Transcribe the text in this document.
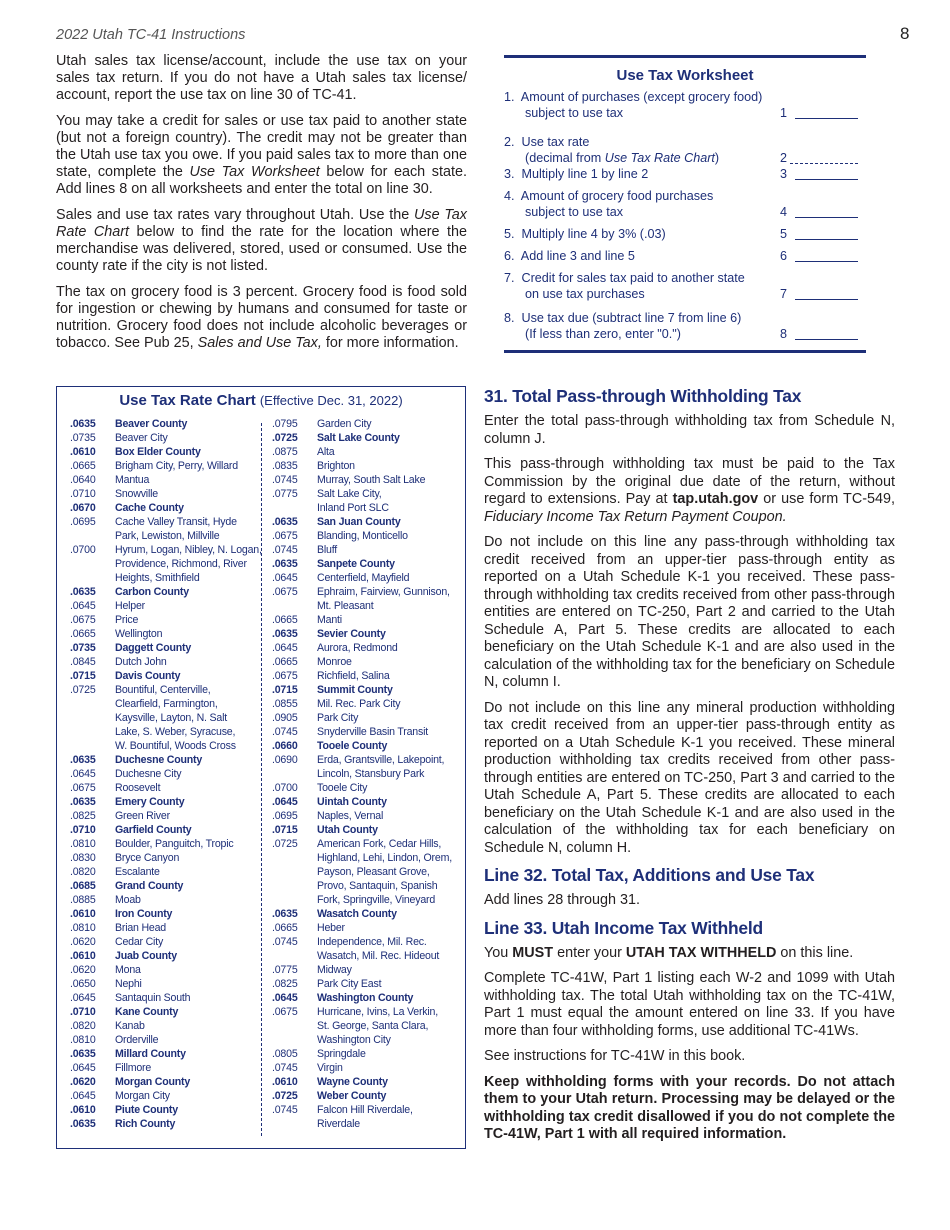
2022 Utah TC-41 Instructions	8

Utah sales tax license/account, include the use tax on your sales tax return. If you do not have a Utah sales tax license/ account, report the use tax on line 30 of TC-41.

You may take a credit for sales or use tax paid to another state (but not a foreign country). The credit may not be greater than the Utah use tax you owe. If you paid sales tax to more than one state, complete the Use Tax Worksheet below for each state. Add lines 8 on all worksheets and enter the total on line 30.

Sales and use tax rates vary throughout Utah. Use the Use Tax Rate Chart below to find the rate for the location where the merchandise was delivered, stored, used or consumed. Use the county rate if the city is not listed.

The tax on grocery food is 3 percent. Grocery food is food sold for ingestion or chewing by humans and consumed for taste or nutrition. Grocery food does not include alcoholic beverages or tobacco. See Pub 25, Sales and Use Tax, for more information.

Use Tax Rate Chart (Effective Dec. 31, 2022)
.0635	Beaver County
.0735	Beaver City
.0610	Box Elder County
.0665	Brigham City, Perry, Willard
.0640	Mantua
.0710	Snowville
.0670	Cache County
.0695	Cache Valley Transit, Hyde
Park, Lewiston, Millville
.0700	Hyrum, Logan, Nibley, N. Logan,
Providence, Richmond, River
Heights, Smithfield
.0635	Carbon County
.0645	Helper
.0675	Price
.0665	Wellington
.0735	Daggett County
.0845	Dutch John
.0715	Davis County
.0725	Bountiful, Centerville,
Clearfield, Farmington,
Kaysville, Layton, N. Salt
Lake, S. Weber, Syracuse,
W. Bountiful, Woods Cross
.0635	Duchesne County
.0645	Duchesne City
.0675	Roosevelt
.0635	Emery County
.0825	Green River
.0710	Garfield County
.0810	Boulder, Panguitch, Tropic
.0830	Bryce Canyon
.0820	Escalante
.0685	Grand County
.0885	Moab
.0610	Iron County
.0810	Brian Head
.0620	Cedar City
.0610	Juab County
.0620	Mona
.0650	Nephi
.0645	Santaquin South
.0710	Kane County
.0820	Kanab
.0810	Orderville
.0635	Millard County
.0645	Fillmore
.0620	Morgan County
.0645	Morgan City
.0610	Piute County
.0635	Rich County
.0795	Garden City
.0725	Salt Lake County
.0875	Alta
.0835	Brighton
.0745	Murray, South Salt Lake
.0775	Salt Lake City,
Inland Port SLC
.0635	San Juan County
.0675	Blanding, Monticello
.0745	Bluff
.0635	Sanpete County
.0645	Centerfield, Mayfield
.0675	Ephraim, Fairview, Gunnison,
Mt. Pleasant
.0665	Manti
.0635	Sevier County
.0645	Aurora, Redmond
.0665	Monroe
.0675	Richfield, Salina
.0715	Summit County
.0855	Mil. Rec. Park City
.0905	Park City
.0745	Snyderville Basin Transit
.0660	Tooele County
.0690	Erda, Grantsville, Lakepoint,
Lincoln, Stansbury Park
.0700	Tooele City
.0645	Uintah County
.0695	Naples, Vernal
.0715	Utah County
.0725	American Fork, Cedar Hills,
Highland, Lehi, Lindon, Orem,
Payson, Pleasant Grove,
Provo, Santaquin, Spanish
Fork, Springville, Vineyard
.0635	Wasatch County
.0665	Heber
.0745	Independence, Mil. Rec.
Wasatch, Mil. Rec. Hideout
.0775	Midway
.0825	Park City East
.0645	Washington County
.0675	Hurricane, Ivins, La Verkin,
St. George, Santa Clara,
Washington City
.0805	Springdale
.0745	Virgin
.0610	Wayne County
.0725	Weber County
.0745	Falcon Hill Riverdale,
Riverdale
Use Tax Worksheet
1.  Amount of purchases (except grocery food)
subject to use tax	1
2.  Use tax rate
(decimal from Use Tax Rate Chart)	2
3.  Multiply line 1 by line 2	3
4.  Amount of grocery food purchases
subject to use tax	4
5.  Multiply line 4 by 3% (.03)	5
6.  Add line 3 and line 5	6
7.  Credit for sales tax paid to another state
on use tax purchases	7
8.  Use tax due (subtract line 7 from line 6)
(If less than zero, enter "0.")	8
31. Total Pass-through Withholding Tax

Enter the total pass-through withholding tax from Schedule N, column J.

This pass-through withholding tax must be paid to the Tax Commission by the original due date of the return, without regard to extensions. Pay at tap.utah.gov or use form TC-549, Fiduciary Income Tax Return Payment Coupon.

Do not include on this line any pass-through withholding tax credit received from an upper-tier pass-through entity as reported on a Utah Schedule K-1 you received. These pass-through withholding tax credits received from other pass-through entities are entered on TC-250, Part 2 and carried to the Utah Schedule A, Part 5. These credits are allocated to each beneficiary on the Utah Schedule K-1 and are also used in the calculation of the withholding tax for the beneficiary on Schedule N, column I.

Do not include on this line any mineral production withholding tax credit received from an upper-tier pass-through entity as reported on a Utah Schedule K-1 you received. These mineral production withholding tax credits received from other pass-through entities are entered on TC-250, Part 3 and carried to the Utah Schedule A, Part 5. These credits are allocated to each beneficiary on the Utah Schedule K-1 and are also used in the calculation of the withholding tax for each beneficiary on Schedule N, column H.

Line 32. Total Tax, Additions and Use Tax

Add lines 28 through 31.

Line 33. Utah Income Tax Withheld

You MUST enter your UTAH TAX WITHHELD on this line.

Complete TC-41W, Part 1 listing each W-2 and 1099 with Utah withholding tax. The total Utah withholding tax on the TC-41W, Part 1 must equal the amount entered on line 33. If you have more than four withholding forms, use additional TC-41Ws.

See instructions for TC-41W in this book.

Keep withholding forms with your records. Do not attach them to your Utah return. Processing may be delayed or the withholding tax credit disallowed if you do not complete the TC-41W, Part 1 with all required information.
